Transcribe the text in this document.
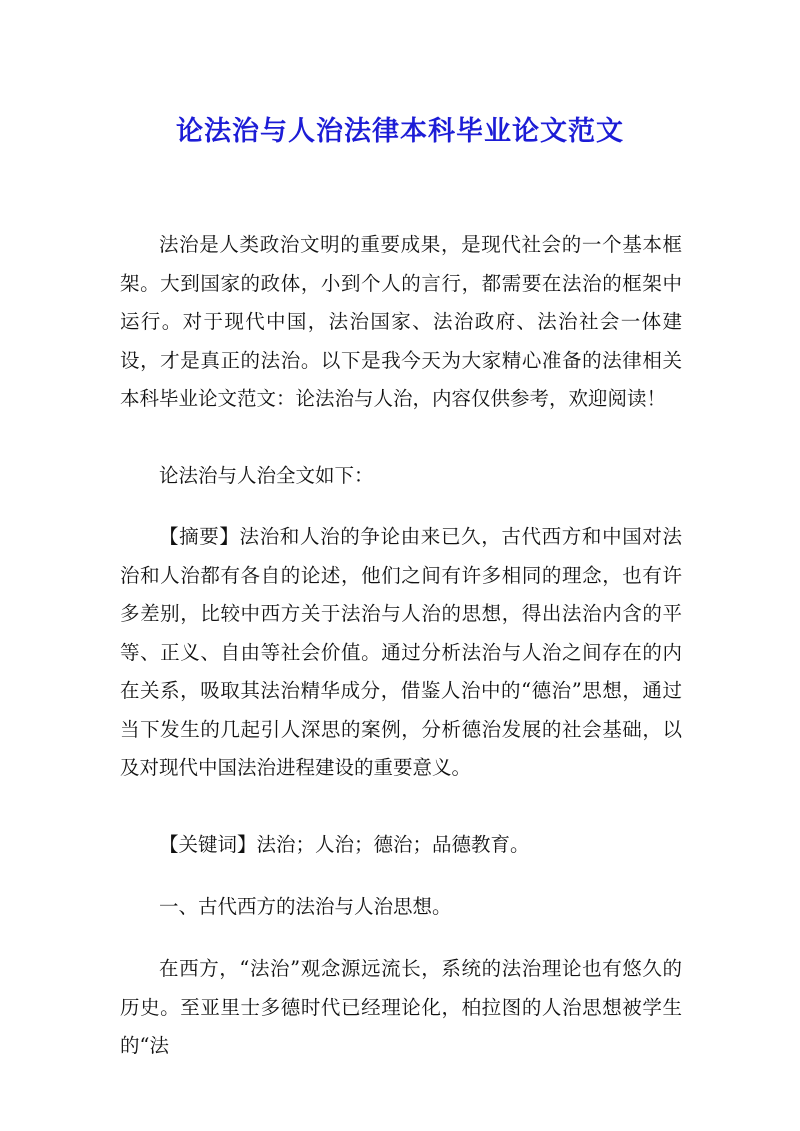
论法治与人治法律本科毕业论文范文

法治是人类政治文明的重要成果，是现代社会的一个基本框架。大到国家的政体，小到个人的言行，都需要在法治的框架中运行。对于现代中国，法治国家、法治政府、法治社会一体建设，才是真正的法治。以下是我今天为大家精心准备的法律相关本科毕业论文范文：论法治与人治，内容仅供参考，欢迎阅读！

论法治与人治全文如下：

【摘要】法治和人治的争论由来已久，古代西方和中国对法治和人治都有各自的论述，他们之间有许多相同的理念，也有许多差别，比较中西方关于法治与人治的思想，得出法治内含的平等、正义、自由等社会价值。通过分析法治与人治之间存在的内在关系，吸取其法治精华成分，借鉴人治中的“德治”思想，通过当下发生的几起引人深思的案例，分析德治发展的社会基础，以及对现代中国法治进程建设的重要意义。

【关键词】法治；人治；德治；品德教育。

一、古代西方的法治与人治思想。

在西方，“法治”观念源远流长，系统的法治理论也有悠久的历史。至亚里士多德时代已经理论化，柏拉图的人治思想被学生的“法
